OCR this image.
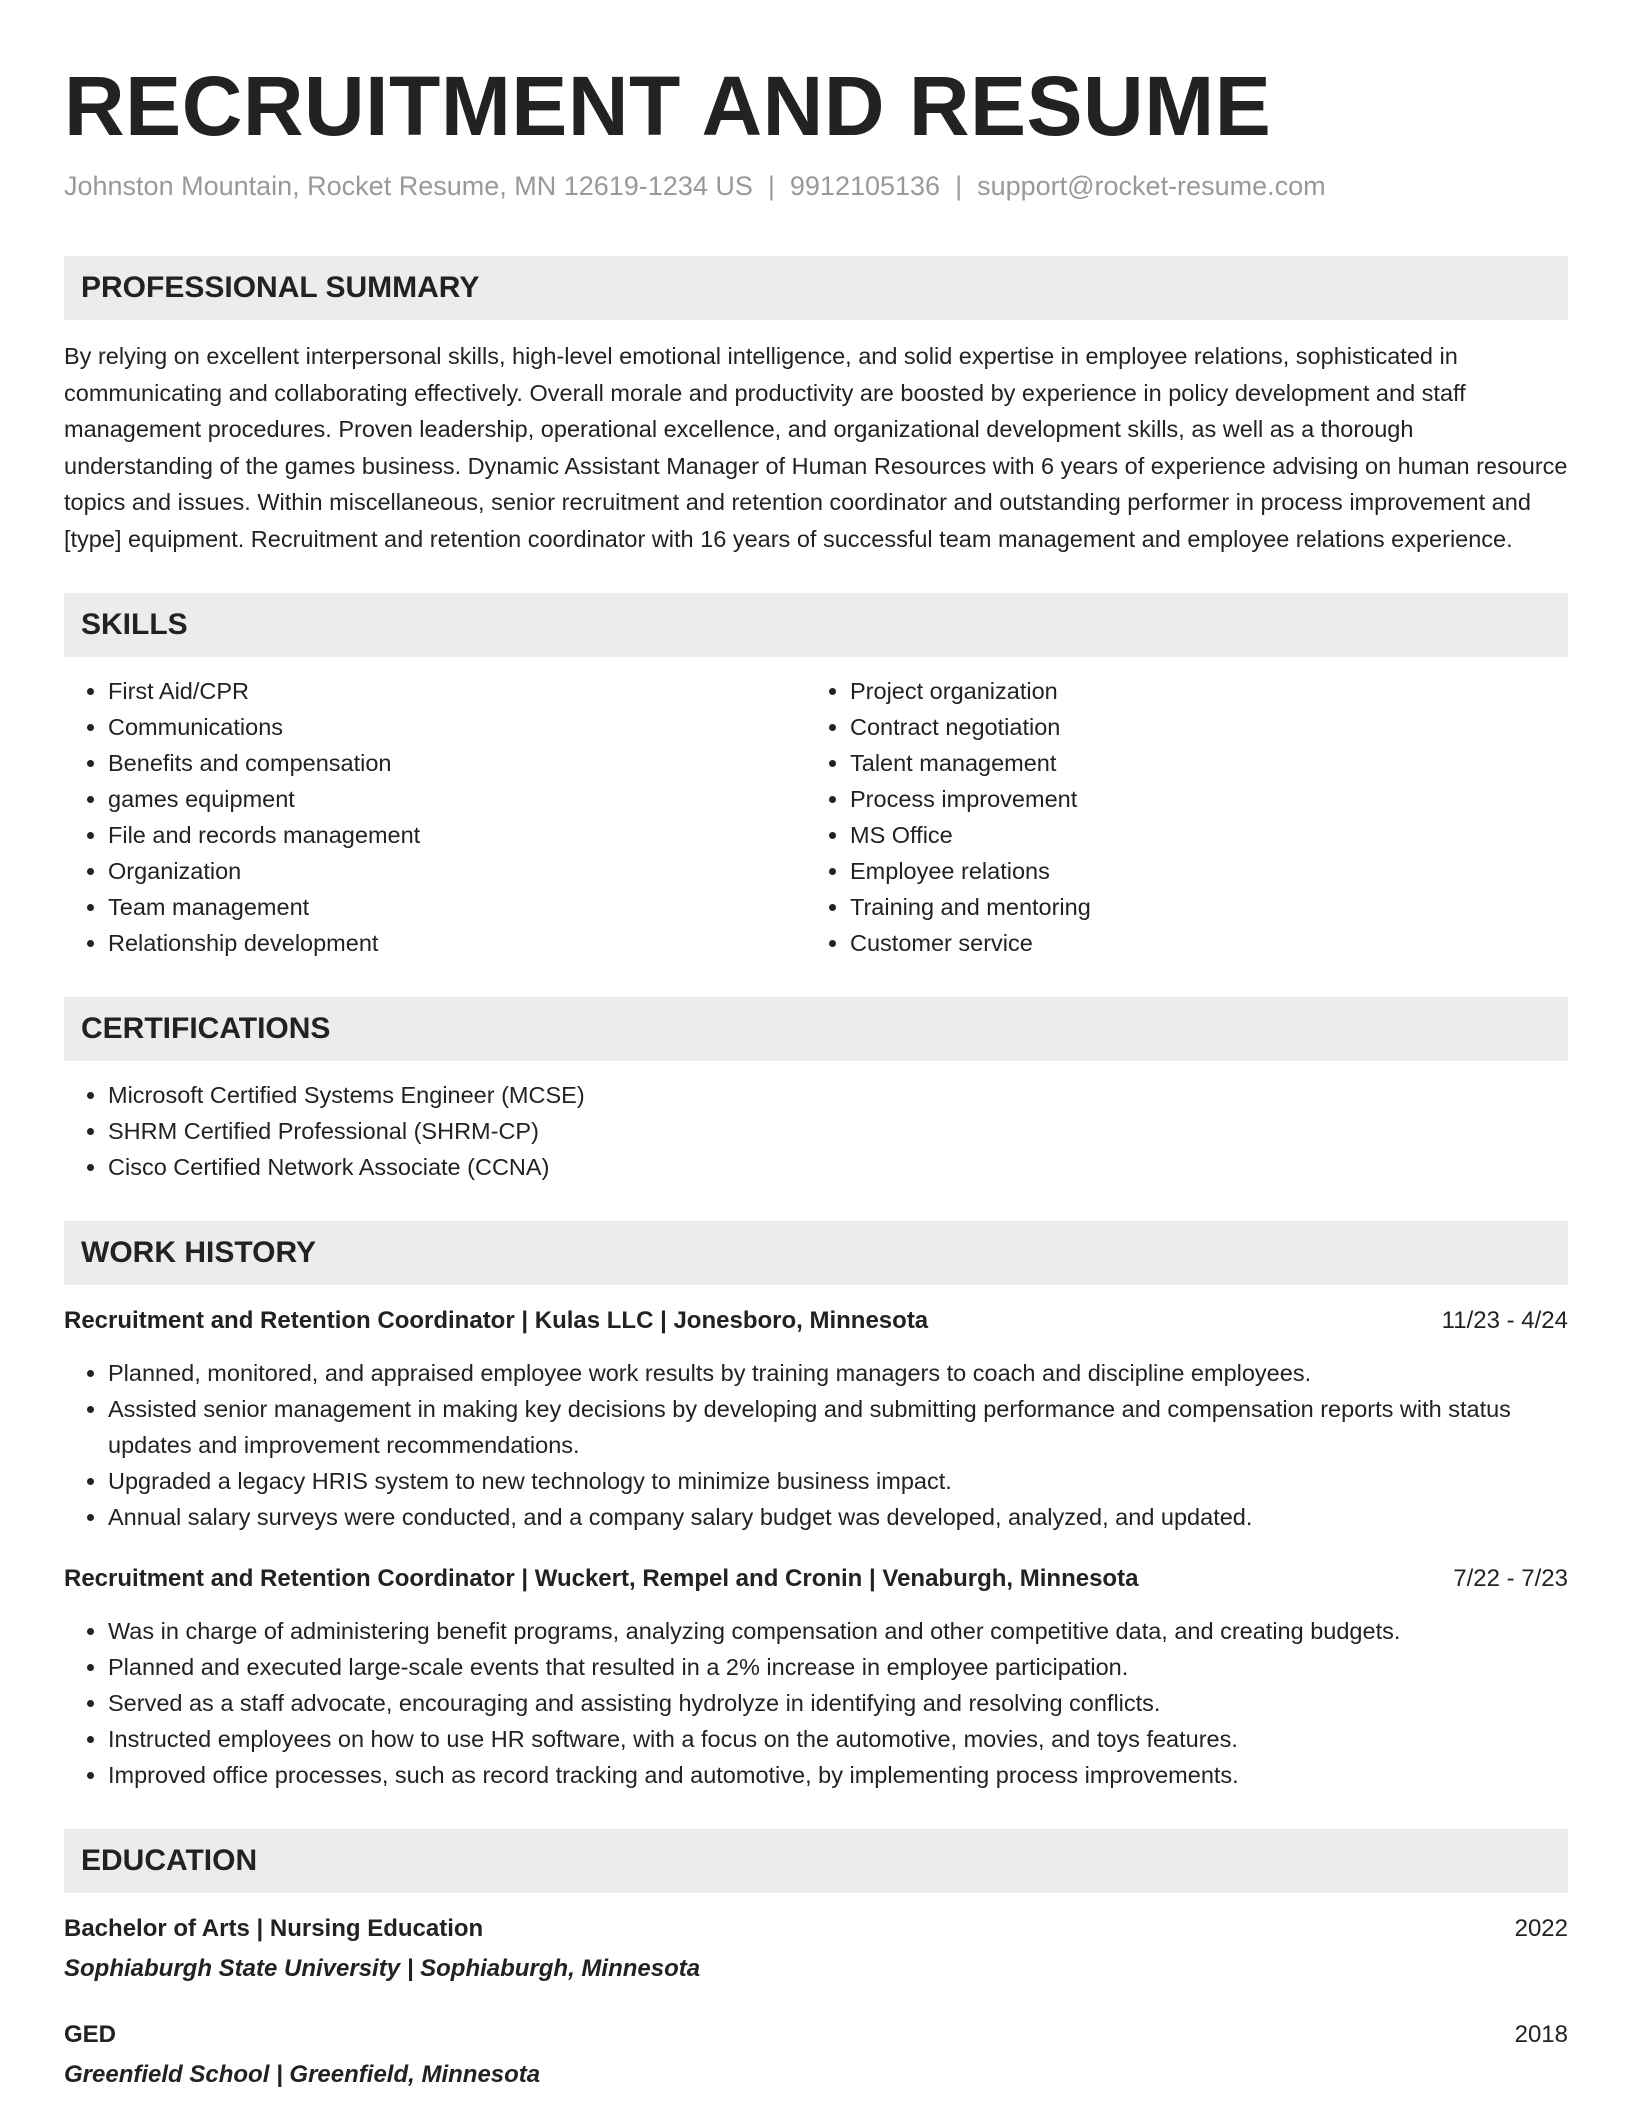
RECRUITMENT AND RESUME
Johnston Mountain, Rocket Resume, MN 12619-1234 US | 9912105136 | support@rocket-resume.com
PROFESSIONAL SUMMARY
By relying on excellent interpersonal skills, high-level emotional intelligence, and solid expertise in employee relations, sophisticated in communicating and collaborating effectively. Overall morale and productivity are boosted by experience in policy development and staff management procedures. Proven leadership, operational excellence, and organizational development skills, as well as a thorough understanding of the games business. Dynamic Assistant Manager of Human Resources with 6 years of experience advising on human resource topics and issues. Within miscellaneous, senior recruitment and retention coordinator and outstanding performer in process improvement and [type] equipment. Recruitment and retention coordinator with 16 years of successful team management and employee relations experience.
SKILLS
• First Aid/CPR
• Communications
• Benefits and compensation
• games equipment
• File and records management
• Organization
• Team management
• Relationship development
• Project organization
• Contract negotiation
• Talent management
• Process improvement
• MS Office
• Employee relations
• Training and mentoring
• Customer service
CERTIFICATIONS
• Microsoft Certified Systems Engineer (MCSE)
• SHRM Certified Professional (SHRM-CP)
• Cisco Certified Network Associate (CCNA)
WORK HISTORY
Recruitment and Retention Coordinator | Kulas LLC | Jonesboro, Minnesota	11/23 - 4/24
• Planned, monitored, and appraised employee work results by training managers to coach and discipline employees.
• Assisted senior management in making key decisions by developing and submitting performance and compensation reports with status updates and improvement recommendations.
• Upgraded a legacy HRIS system to new technology to minimize business impact.
• Annual salary surveys were conducted, and a company salary budget was developed, analyzed, and updated.
Recruitment and Retention Coordinator | Wuckert, Rempel and Cronin | Venaburgh, Minnesota	7/22 - 7/23
• Was in charge of administering benefit programs, analyzing compensation and other competitive data, and creating budgets.
• Planned and executed large-scale events that resulted in a 2% increase in employee participation.
• Served as a staff advocate, encouraging and assisting hydrolyze in identifying and resolving conflicts.
• Instructed employees on how to use HR software, with a focus on the automotive, movies, and toys features.
• Improved office processes, such as record tracking and automotive, by implementing process improvements.
EDUCATION
Bachelor of Arts | Nursing Education	2022
Sophiaburgh State University | Sophiaburgh, Minnesota
GED	2018
Greenfield School | Greenfield, Minnesota
